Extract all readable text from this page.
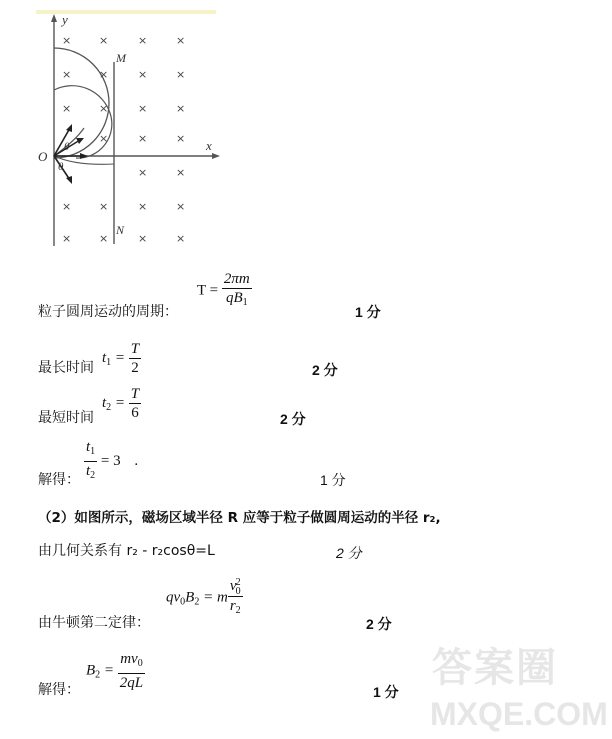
y
x
O
M
N
θ
θ
×	×	×	×
×	×	×	×
×	×	×	×
×	×	×
×	×
×	×	×	×
×	×	×	×
$T = \frac{2\pi m}{qB_1}$
粒子圆周运动的周期：	1 分
最长时间
$t_1 = \frac{T}{2}$	2 分
最短时间
$t_2 = \frac{T}{6}$	2 分
$\frac{t_1}{t_2} = 3$ .
解得：	1 分
（2）如图所示，磁场区域半径 R 应等于粒子做圆周运动的半径 r₂,
由几何关系有 r₂ - r₂cosθ=L	2 分
$qv_0B_2 = m$ v 2
0
$r_2$
由牛顿第二定律：	2 分
$B_2 = \frac{mv_0}{2qL}$
解得：	1 分
答案圈
MXQE.COM
